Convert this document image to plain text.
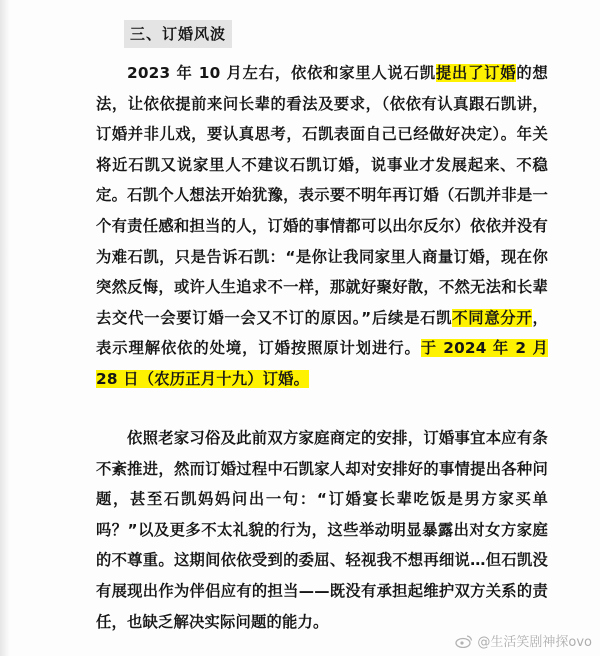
三、订婚风波

2023 年 10 月左右，依依和家里人说石凯提出了订婚的想法，让依依提前来问长辈的看法及要求，（依依有认真跟石凯讲，订婚并非儿戏，要认真思考，石凯表面自己已经做好决定）。年关将近石凯又说家里人不建议石凯订婚，说事业才发展起来、不稳定。石凯个人想法开始犹豫，表示要不明年再订婚（石凯并非是一个有责任感和担当的人，订婚的事情都可以出尔反尔）依依并没有为难石凯，只是告诉石凯：“是你让我同家里人商量订婚，现在你突然反悔，或许人生追求不一样，那就好聚好散，不然无法和长辈去交代一会要订婚一会又不订的原因。”后续是石凯不同意分开，表示理解依依的处境，订婚按照原计划进行。于 2024 年 2 月 28 日（农历正月十九）订婚。

依照老家习俗及此前双方家庭商定的安排，订婚事宜本应有条不紊推进，然而订婚过程中石凯家人却对安排好的事情提出各种问题，甚至石凯妈妈问出一句：“订婚宴长辈吃饭是男方家买单吗？”以及更多不太礼貌的行为，这些举动明显暴露出对女方家庭的不尊重。这期间依依受到的委屈、轻视我不想再细说…但石凯没有展现出作为伴侣应有的担当——既没有承担起维护双方关系的责任，也缺乏解决实际问题的能力。

@生活笑剧神探ovo
